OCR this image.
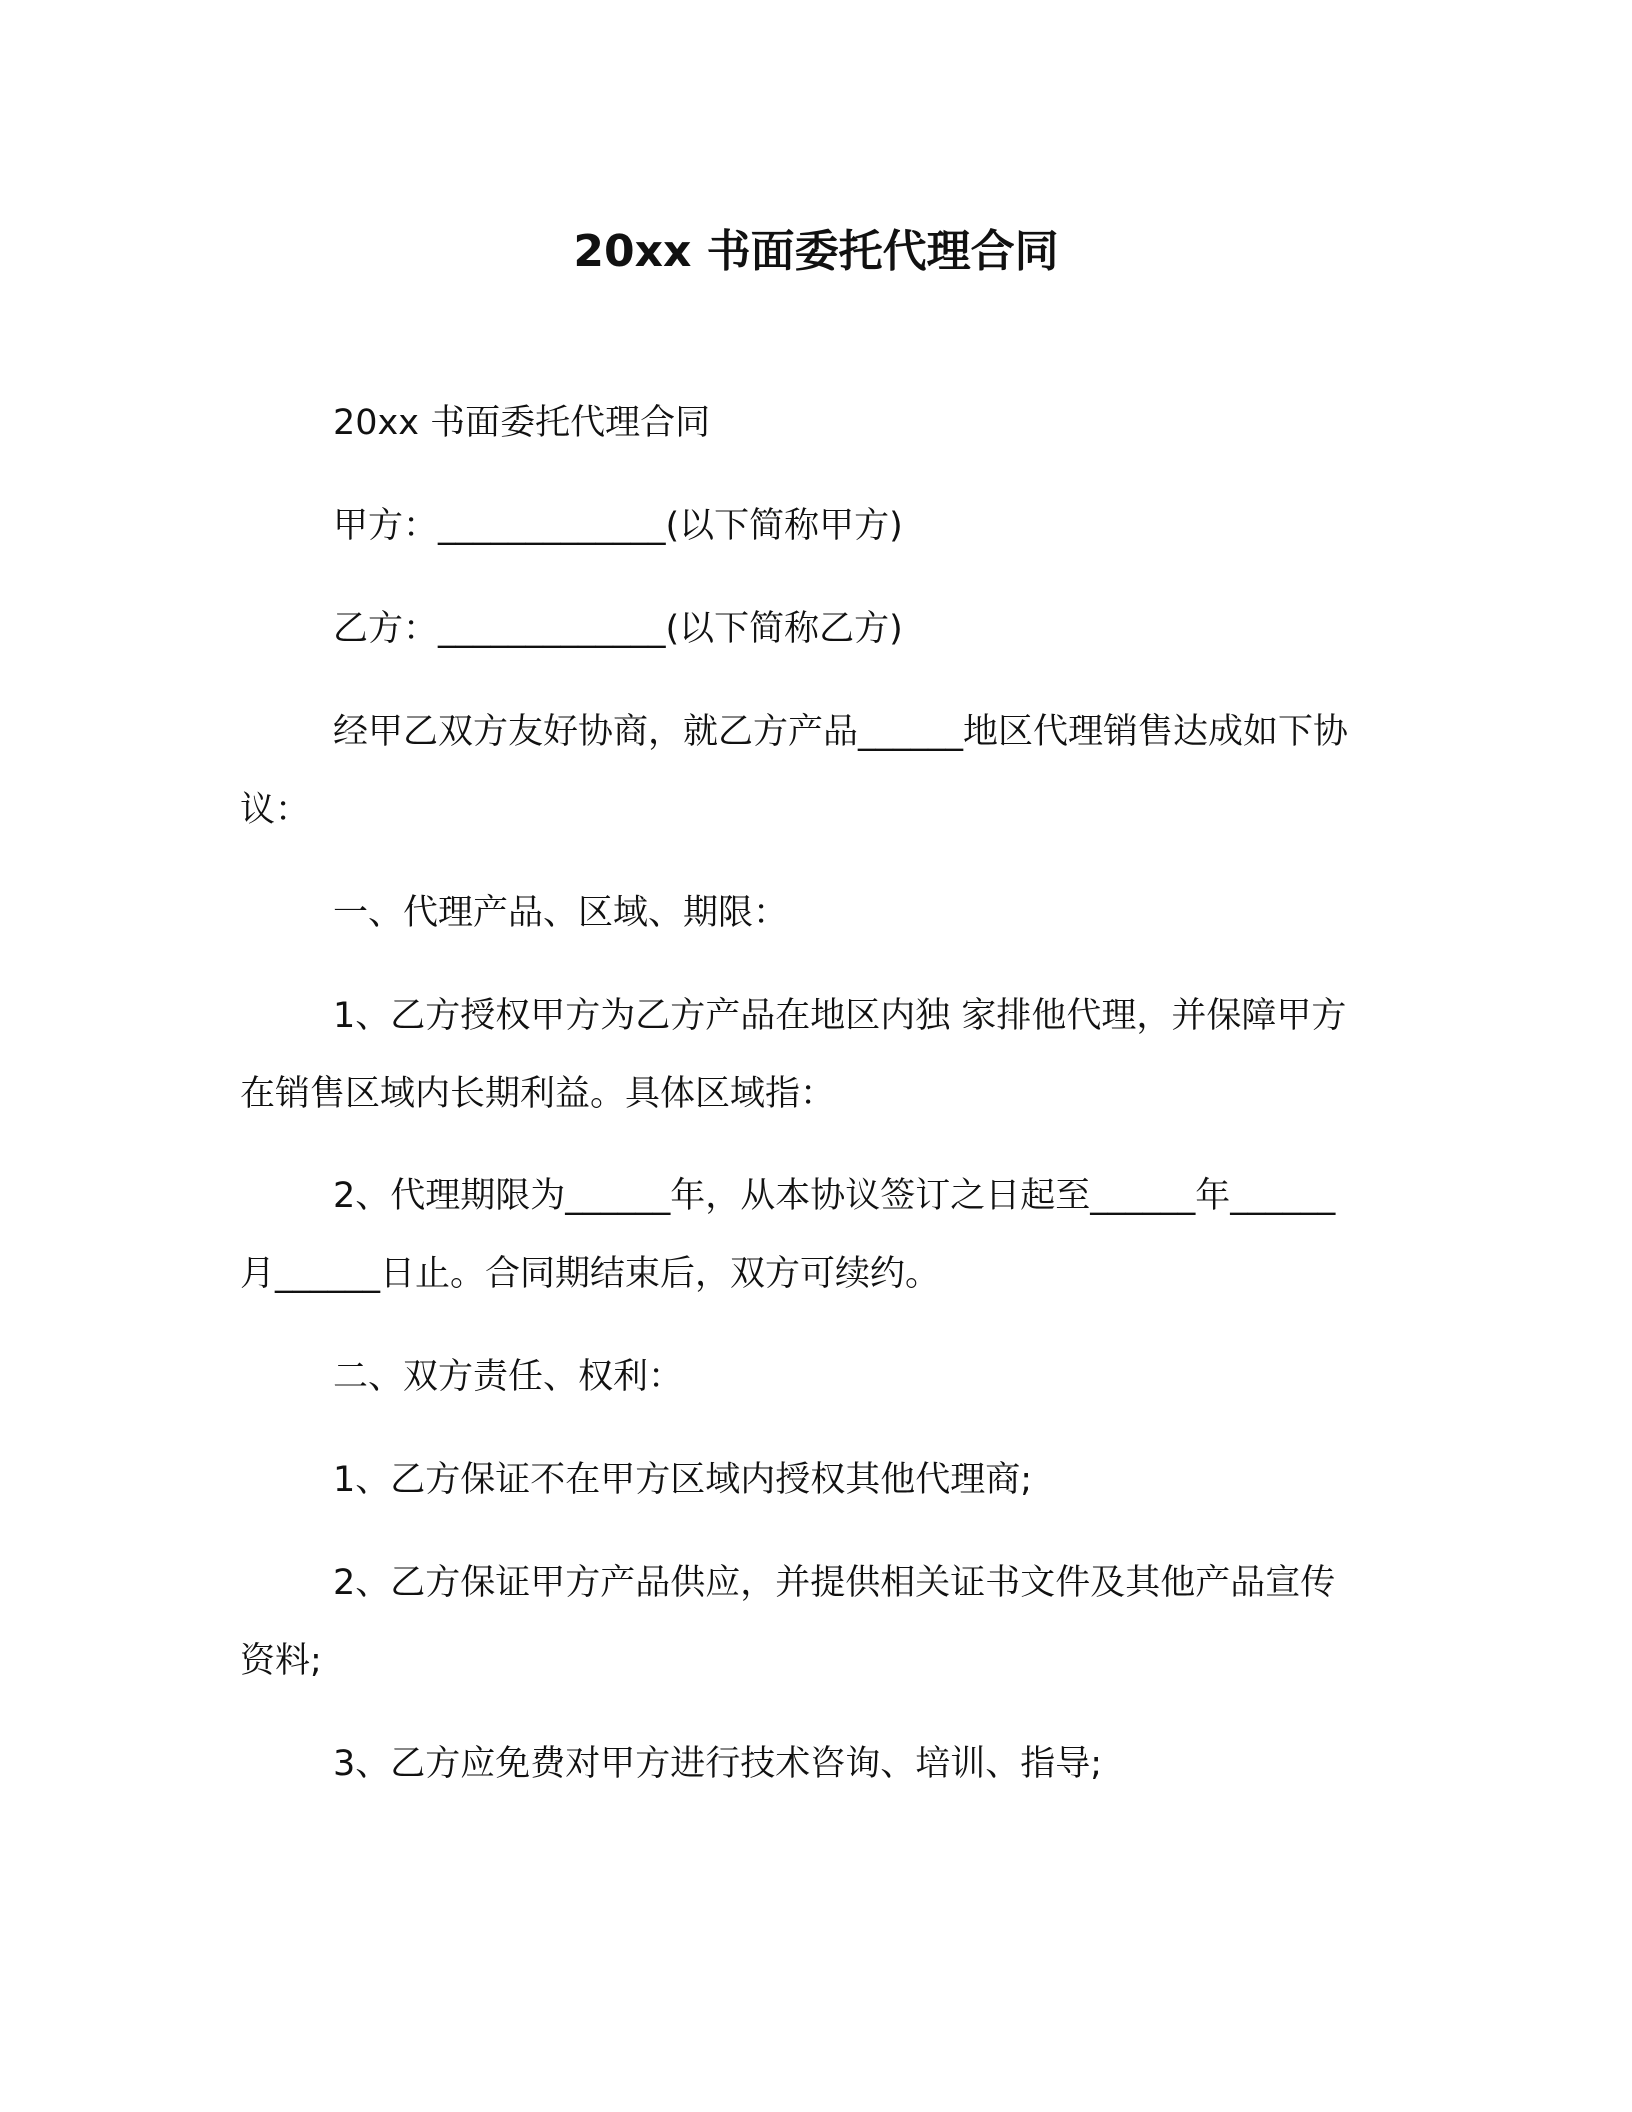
20xx 书面委托代理合同

20xx 书面委托代理合同

甲方：_____________(以下简称甲方)

乙方：_____________(以下简称乙方)

经甲乙双方友好协商，就乙方产品______地区代理销售达成如下协议：

一、代理产品、区域、期限：

1、乙方授权甲方为乙方产品在地区内独 家排他代理，并保障甲方在销售区域内长期利益。具体区域指：

2、代理期限为______年，从本协议签订之日起至______年______月______日止。合同期结束后，双方可续约。

二、双方责任、权利：

1、乙方保证不在甲方区域内授权其他代理商;

2、乙方保证甲方产品供应，并提供相关证书文件及其他产品宣传资料;

3、乙方应免费对甲方进行技术咨询、培训、指导;
